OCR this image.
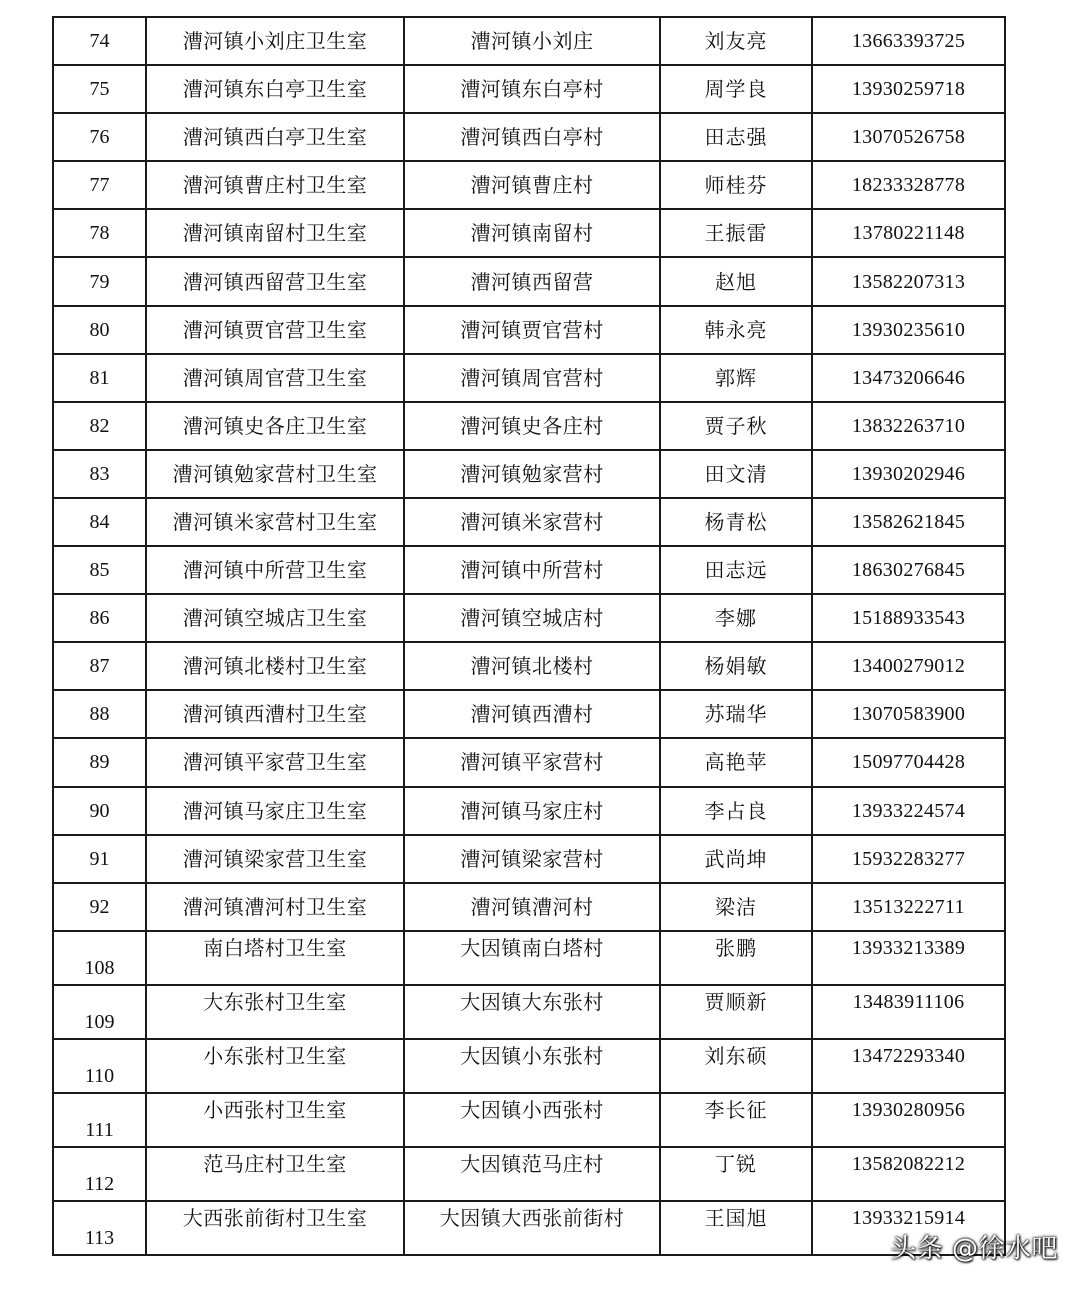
74	漕河镇小刘庄卫生室	漕河镇小刘庄	刘友亮	13663393725
75	漕河镇东白亭卫生室	漕河镇东白亭村	周学良	13930259718
76	漕河镇西白亭卫生室	漕河镇西白亭村	田志强	13070526758
77	漕河镇曹庄村卫生室	漕河镇曹庄村	师桂芬	18233328778
78	漕河镇南留村卫生室	漕河镇南留村	王振雷	13780221148
79	漕河镇西留营卫生室	漕河镇西留营	赵旭	13582207313
80	漕河镇贾官营卫生室	漕河镇贾官营村	韩永亮	13930235610
81	漕河镇周官营卫生室	漕河镇周官营村	郭辉	13473206646
82	漕河镇史各庄卫生室	漕河镇史各庄村	贾子秋	13832263710
83	漕河镇勉家营村卫生室	漕河镇勉家营村	田文清	13930202946
84	漕河镇米家营村卫生室	漕河镇米家营村	杨青松	13582621845
85	漕河镇中所营卫生室	漕河镇中所营村	田志远	18630276845
86	漕河镇空城店卫生室	漕河镇空城店村	李娜	15188933543
87	漕河镇北楼村卫生室	漕河镇北楼村	杨娟敏	13400279012
88	漕河镇西漕村卫生室	漕河镇西漕村	苏瑞华	13070583900
89	漕河镇平家营卫生室	漕河镇平家营村	高艳苹	15097704428
90	漕河镇马家庄卫生室	漕河镇马家庄村	李占良	13933224574
91	漕河镇梁家营卫生室	漕河镇梁家营村	武尚坤	15932283277
92	漕河镇漕河村卫生室	漕河镇漕河村	梁洁	13513222711
108	南白塔村卫生室	大因镇南白塔村	张鹏	13933213389
109	大东张村卫生室	大因镇大东张村	贾顺新	13483911106
110	小东张村卫生室	大因镇小东张村	刘东硕	13472293340
111	小西张村卫生室	大因镇小西张村	李长征	13930280956
112	范马庄村卫生室	大因镇范马庄村	丁锐	13582082212
113	大西张前街村卫生室	大因镇大西张前街村	王国旭	13933215914
头条 @徐水吧
